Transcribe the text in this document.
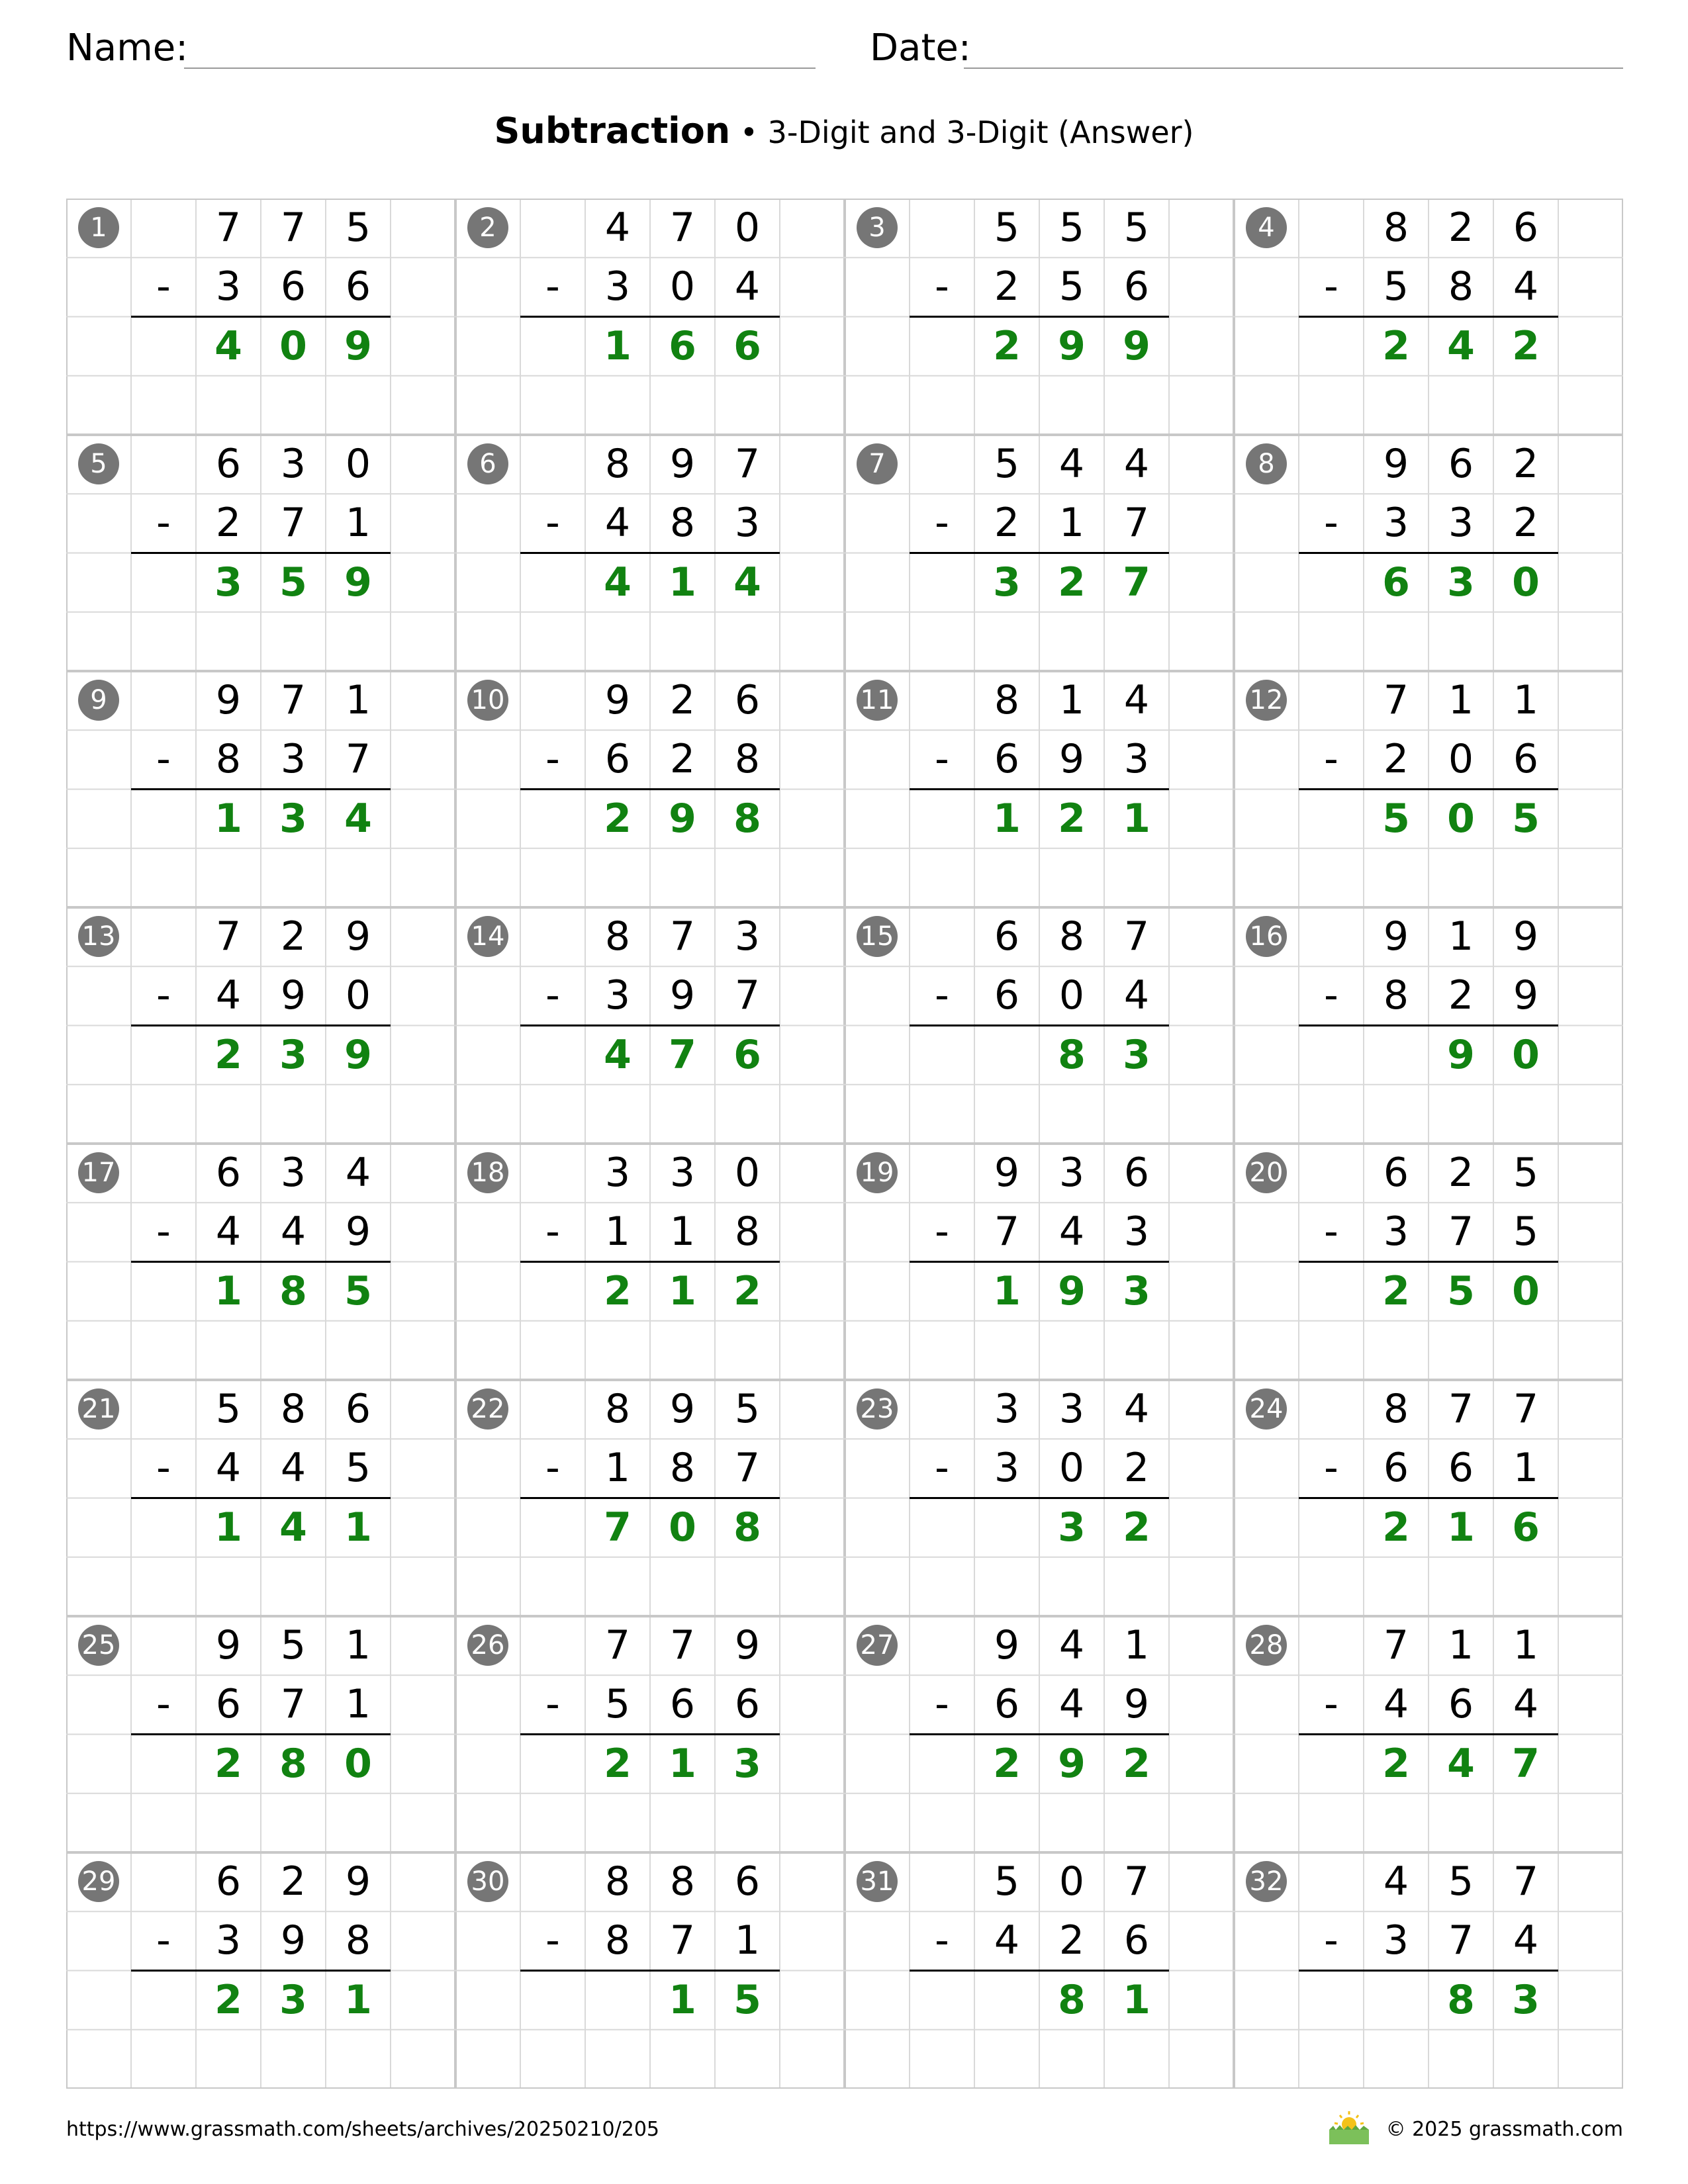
Name:	Date:
Subtraction • 3-Digit and 3-Digit (Answer)
1	7 7 5
-	3 6 6
4 0 9
2	4 7 0
-	3 0 4
1 6 6
3	5 5 5
-	2 5 6
2 9 9
4	8 2 6
-	5 8 4
2 4 2
5	6 3 0
-	2 7 1
3 5 9
6	8 9 7
-	4 8 3
4 1 4
7	5 4 4
-	2 1 7
3 2 7
8	9 6 2
-	3 3 2
6 3 0
9	9 7 1
-	8 3 7
1 3 4
10	9 2 6
-	6 2 8
2 9 8
11	8 1 4
-	6 9 3
1 2 1
12	7 1 1
-	2 0 6
5 0 5
13	7 2 9
-	4 9 0
2 3 9
14	8 7 3
-	3 9 7
4 7 6
15	6 8 7
-	6 0 4
8 3
16	9 1 9
-	8 2 9
9 0
17	6 3 4
-	4 4 9
1 8 5
18	3 3 0
-	1 1 8
2 1 2
19	9 3 6
-	7 4 3
1 9 3
20	6 2 5
-	3 7 5
2 5 0
21	5 8 6
-	4 4 5
1 4 1
22	8 9 5
-	1 8 7
7 0 8
23	3 3 4
-	3 0 2
3 2
24	8 7 7
-	6 6 1
2 1 6
25	9 5 1
-	6 7 1
2 8 0
26	7 7 9
-	5 6 6
2 1 3
27	9 4 1
-	6 4 9
2 9 2
28	7 1 1
-	4 6 4
2 4 7
29	6 2 9
-	3 9 8
2 3 1
30	8 8 6
-	8 7 1
1 5
31	5 0 7
-	4 2 6
8 1
32	4 5 7
-	3 7 4
8 3
https://www.grassmath.com/sheets/archives/20250210/205	© 2025 grassmath.com
